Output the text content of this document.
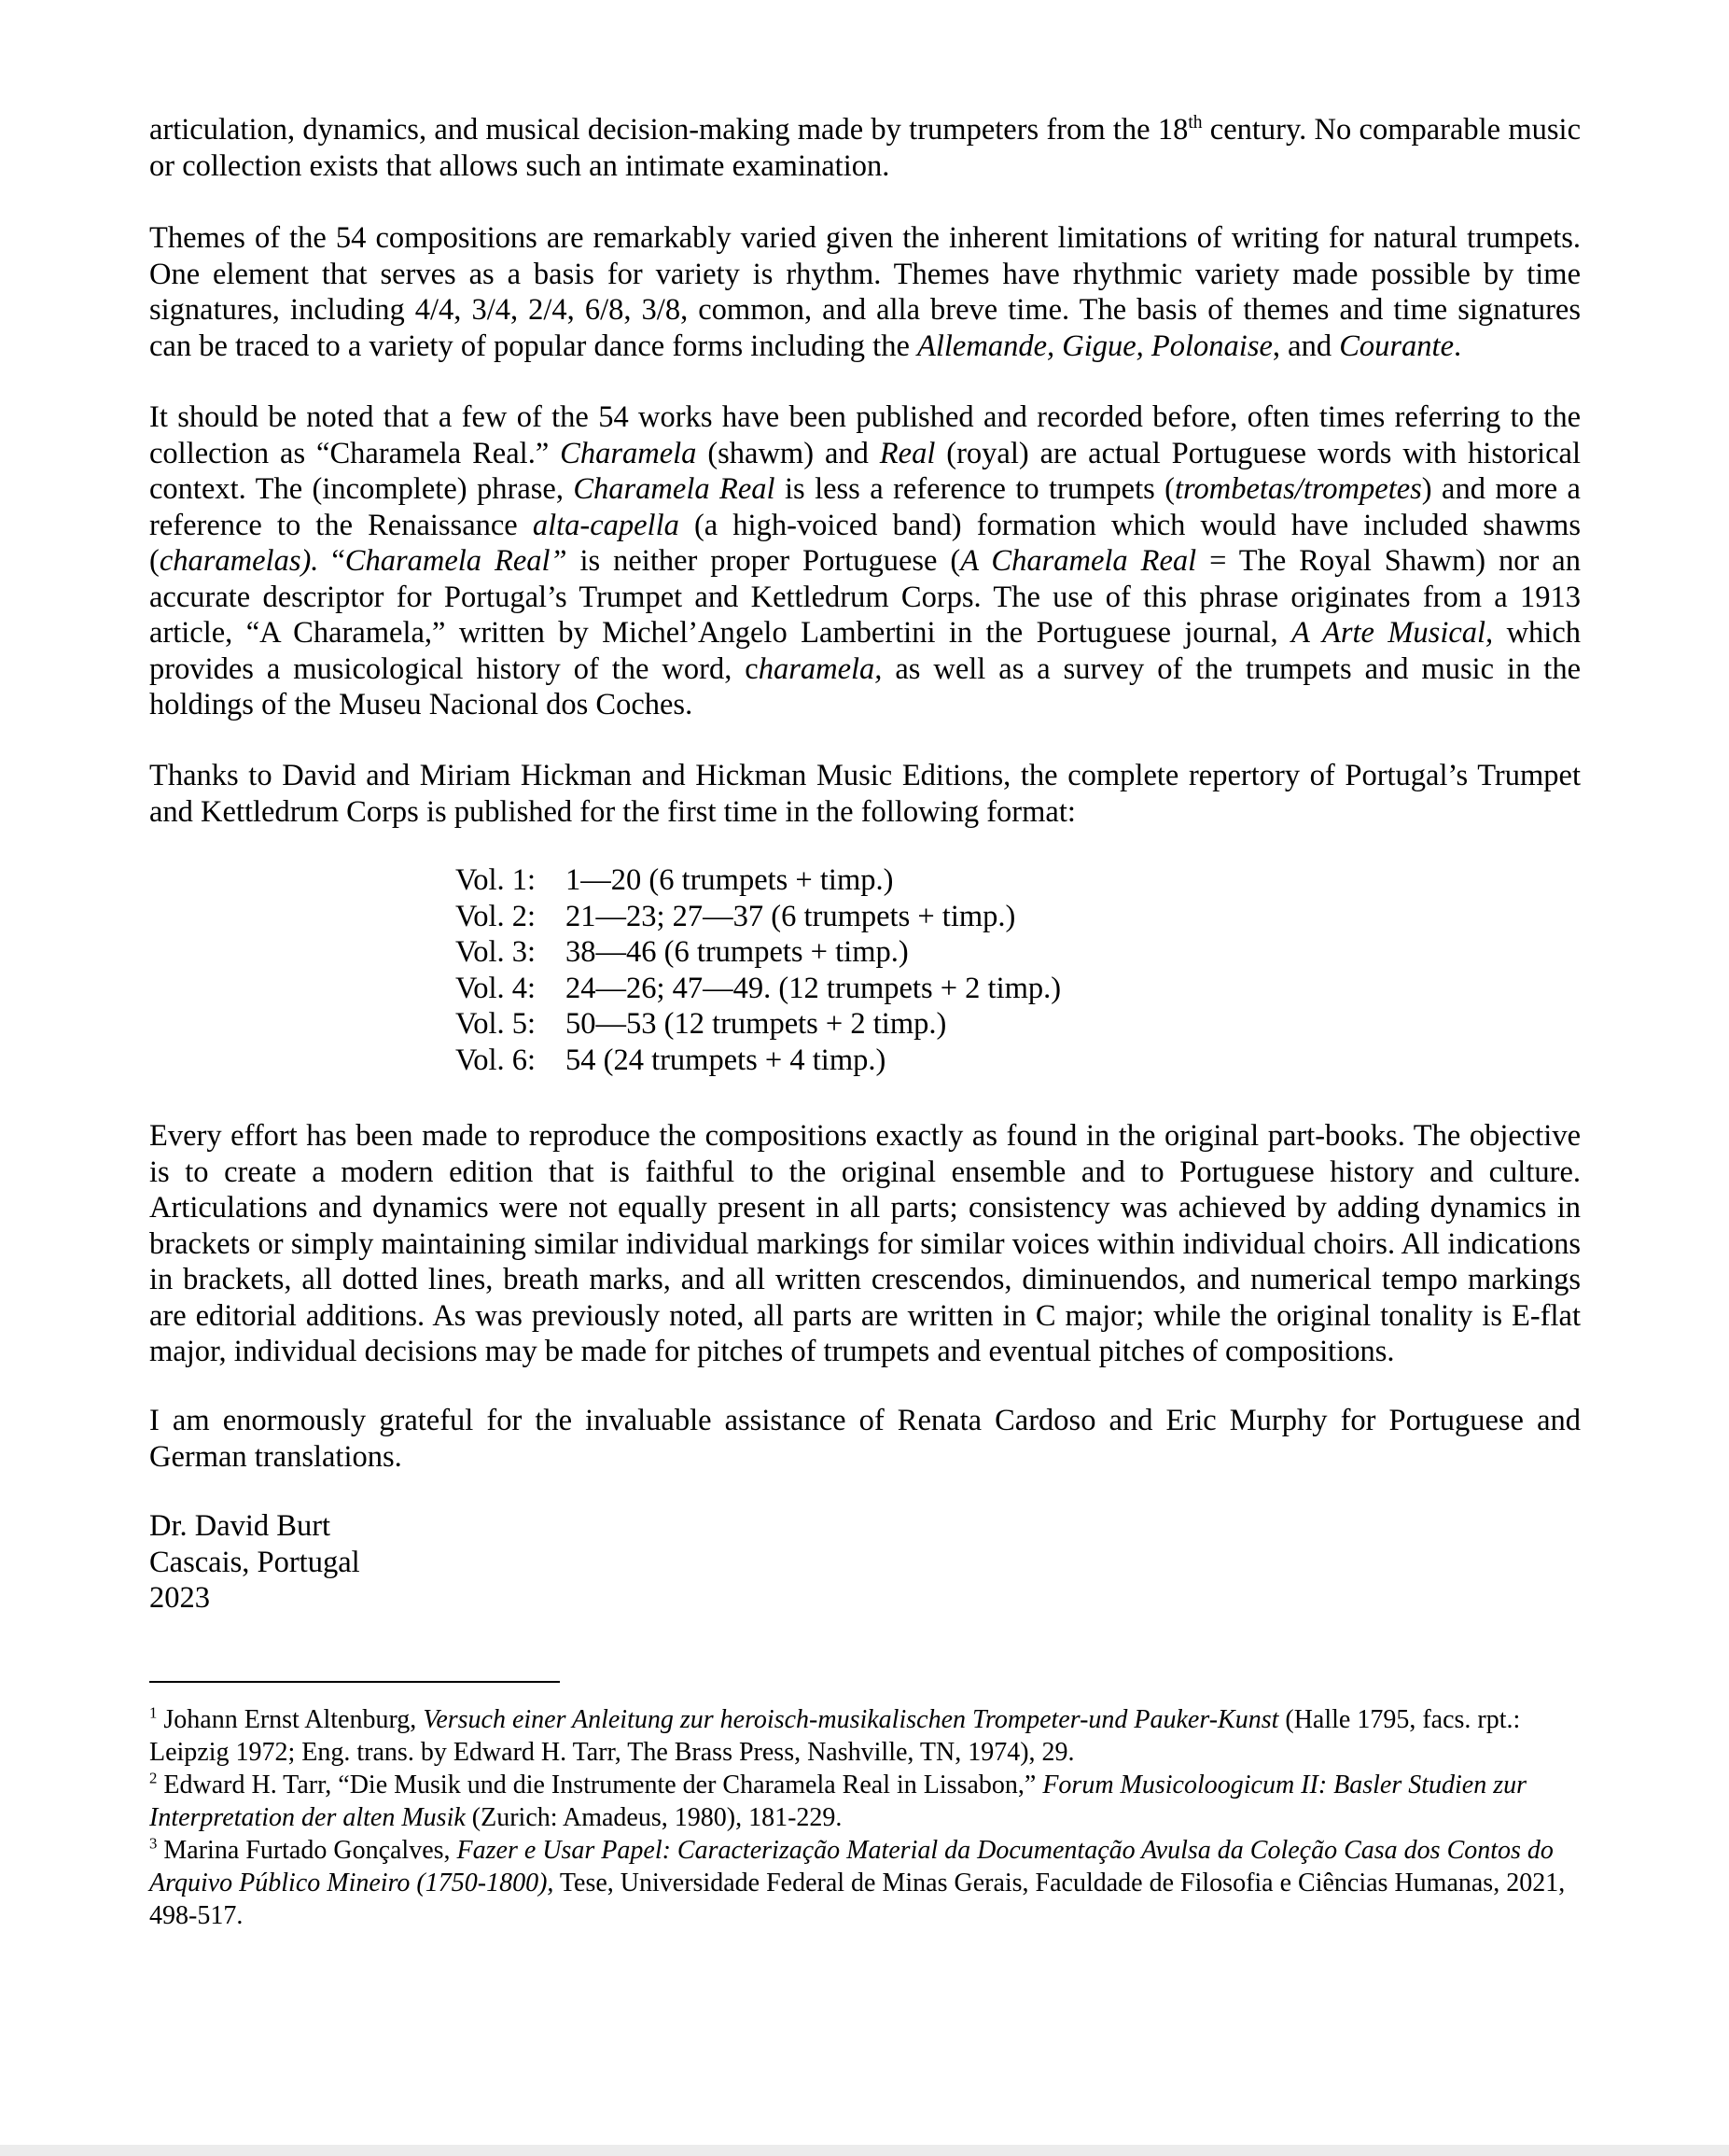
articulation, dynamics, and musical decision-making made by trumpeters from the 18th century. No comparable music or collection exists that allows such an intimate examination.

Themes of the 54 compositions are remarkably varied given the inherent limitations of writing for natural trumpets. One element that serves as a basis for variety is rhythm. Themes have rhythmic variety made possible by time signatures, including 4/4, 3/4, 2/4, 6/8, 3/8, common, and alla breve time. The basis of themes and time signatures can be traced to a variety of popular dance forms including the Allemande, Gigue, Polonaise, and Courante.

It should be noted that a few of the 54 works have been published and recorded before, often times referring to the collection as “Charamela Real.” Charamela (shawm) and Real (royal) are actual Portuguese words with historical context. The (incomplete) phrase, Charamela Real is less a reference to trumpets (trombetas/trompetes) and more a reference to the Renaissance alta-capella (a high-voiced band) formation which would have included shawms (charamelas). “Charamela Real” is neither proper Portuguese (A Charamela Real = The Royal Shawm) nor an accurate descriptor for Portugal’s Trumpet and Kettledrum Corps. The use of this phrase originates from a 1913 article, “A Charamela,” written by Michel’Angelo Lambertini in the Portuguese journal, A Arte Musical, which provides a musicological history of the word, charamela, as well as a survey of the trumpets and music in the holdings of the Museu Nacional dos Coches.

Thanks to David and Miriam Hickman and Hickman Music Editions, the complete repertory of Portugal’s Trumpet and Kettledrum Corps is published for the first time in the following format:

Vol. 1: 1—20 (6 trumpets + timp.)
Vol. 2: 21—23; 27—37 (6 trumpets + timp.)
Vol. 3: 38—46 (6 trumpets + timp.)
Vol. 4: 24—26; 47—49. (12 trumpets + 2 timp.)
Vol. 5: 50—53 (12 trumpets + 2 timp.)
Vol. 6: 54 (24 trumpets + 4 timp.)

Every effort has been made to reproduce the compositions exactly as found in the original part-books. The objective is to create a modern edition that is faithful to the original ensemble and to Portuguese history and culture. Articulations and dynamics were not equally present in all parts; consistency was achieved by adding dynamics in brackets or simply maintaining similar individual markings for similar voices within individual choirs. All indications in brackets, all dotted lines, breath marks, and all written crescendos, diminuendos, and numerical tempo markings are editorial additions. As was previously noted, all parts are written in C major; while the original tonality is E-flat major, individual decisions may be made for pitches of trumpets and eventual pitches of compositions.

I am enormously grateful for the invaluable assistance of Renata Cardoso and Eric Murphy for Portuguese and German translations.

Dr. David Burt
Cascais, Portugal
2023

$^1$ Johann Ernst Altenburg, Versuch einer Anleitung zur heroisch-musikalischen Trompeter-und Pauker-Kunst (Halle 1795, facs. rpt.: Leipzig 1972; Eng. trans. by Edward H. Tarr, The Brass Press, Nashville, TN, 1974), 29.

$^2$ Edward H. Tarr, “Die Musik und die Instrumente der Charamela Real in Lissabon,” Forum Musicoloogicum II: Basler Studien zur Interpretation der alten Musik (Zurich: Amadeus, 1980), 181-229.

$^3$ Marina Furtado Gonçalves, Fazer e Usar Papel: Caracterização Material da Documentação Avulsa da Coleção Casa dos Contos do Arquivo Público Mineiro (1750-1800), Tese, Universidade Federal de Minas Gerais, Faculdade de Filosofia e Ciências Humanas, 2021, 498-517.
